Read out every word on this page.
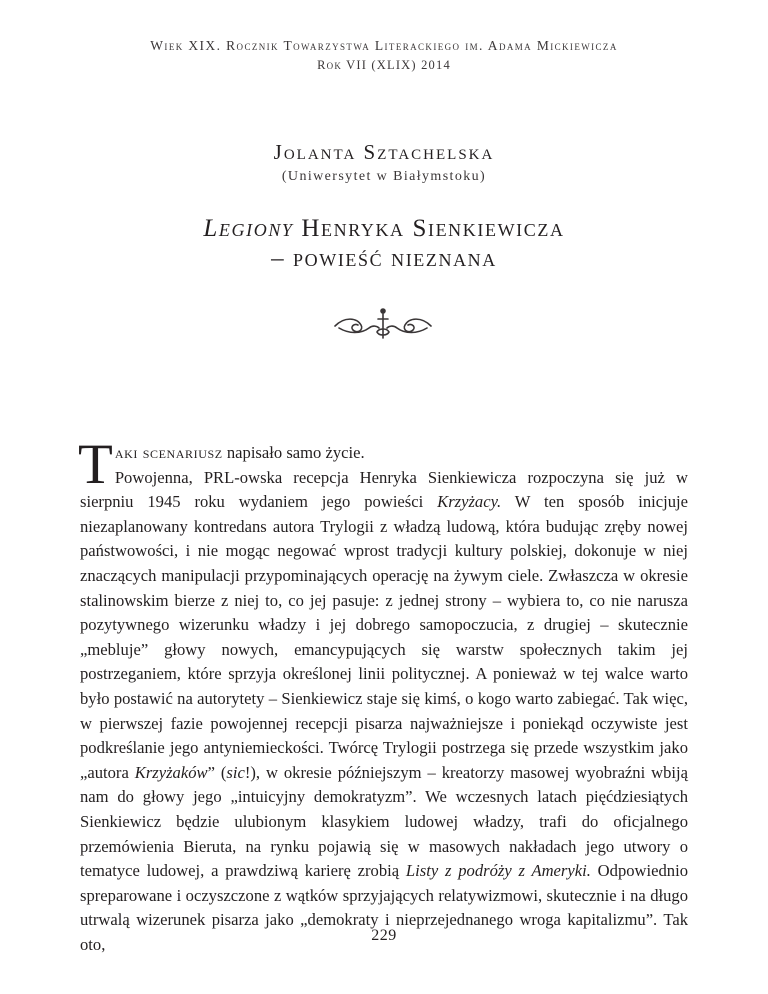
Wiek XIX. Rocznik Towarzystwa Literackiego im. Adama Mickiewicza
Rok VII (XLIX) 2014
Jolanta Sztachelska
(Uniwersytet w Białymstoku)
Legiony Henryka Sienkiewicza
– powieść nieznana

Taki scenariusz napisało samo życie.

Powojenna, PRL-owska recepcja Henryka Sienkiewicza rozpoczyna się już w sierpniu 1945 roku wydaniem jego powieści Krzyżacy. W ten sposób inicjuje niezaplanowany kontredans autora Trylogii z władzą ludową, która budując zręby nowej państwowości, i nie mogąc negować wprost tradycji kultury polskiej, dokonuje w niej znaczących manipulacji przypominających operację na żywym ciele. Zwłaszcza w okresie stalinowskim bierze z niej to, co jej pasuje: z jednej strony – wybiera to, co nie narusza pozytywnego wizerunku władzy i jej dobrego samopoczucia, z drugiej – skutecznie „mebluje” głowy nowych, emancypujących się warstw społecznych takim jej postrzeganiem, które sprzyja określonej linii politycznej. A ponieważ w tej walce warto było postawić na autorytety – Sienkiewicz staje się kimś, o kogo warto zabiegać. Tak więc, w pierwszej fazie powojennej recepcji pisarza najważniejsze i poniekąd oczywiste jest podkreślanie jego antyniemieckości. Twórcę Trylogii postrzega się przede wszystkim jako „autora Krzyżaków” (sic!), w okresie późniejszym – kreatorzy masowej wyobraźni wbiją nam do głowy jego „intuicyjny demokratyzm”. We wczesnych latach pięćdziesiątych Sienkiewicz będzie ulubionym klasykiem ludowej władzy, trafi do oficjalnego przemówienia Bieruta, na rynku pojawią się w masowych nakładach jego utwory o tematyce ludowej, a prawdziwą karierę zrobią Listy z podróży z Ameryki. Odpowiednio spreparowane i oczyszczone z wątków sprzyjających relatywizmowi, skutecznie i na długo utrwalą wizerunek pisarza jako „demokraty i nieprzejednanego wroga kapitalizmu”. Tak oto,	229
